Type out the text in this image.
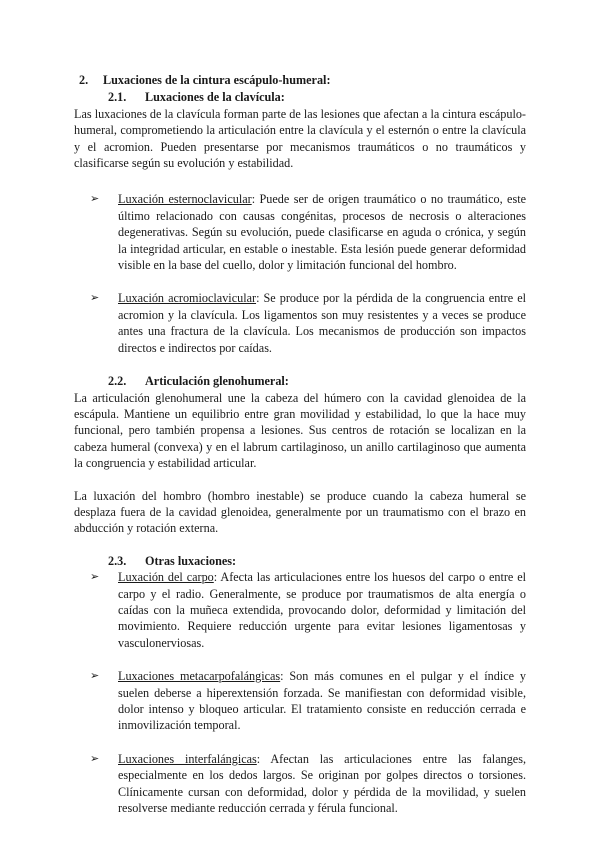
2. Luxaciones de la cintura escápulo-humeral:
2.1. Luxaciones de la clavícula:

Las luxaciones de la clavícula forman parte de las lesiones que afectan a la cintura escápulo-humeral, comprometiendo la articulación entre la clavícula y el esternón o entre la clavícula y el acromion. Pueden presentarse por mecanismos traumáticos o no traumáticos y clasificarse según su evolución y estabilidad.

➢ Luxación esternoclavicular: Puede ser de origen traumático o no traumático, este último relacionado con causas congénitas, procesos de necrosis o alteraciones degenerativas. Según su evolución, puede clasificarse en aguda o crónica, y según la integridad articular, en estable o inestable. Esta lesión puede generar deformidad visible en la base del cuello, dolor y limitación funcional del hombro.
➢ Luxación acromioclavicular: Se produce por la pérdida de la congruencia entre el acromion y la clavícula. Los ligamentos son muy resistentes y a veces se produce antes una fractura de la clavícula. Los mecanismos de producción son impactos directos e indirectos por caídas.
2.2. Articulación glenohumeral:

La articulación glenohumeral une la cabeza del húmero con la cavidad glenoidea de la escápula. Mantiene un equilibrio entre gran movilidad y estabilidad, lo que la hace muy funcional, pero también propensa a lesiones. Sus centros de rotación se localizan en la cabeza humeral (convexa) y en el labrum cartilaginoso, un anillo cartilaginoso que aumenta la congruencia y estabilidad articular.

La luxación del hombro (hombro inestable) se produce cuando la cabeza humeral se desplaza fuera de la cavidad glenoidea, generalmente por un traumatismo con el brazo en abducción y rotación externa.

2.3. Otras luxaciones:
➢ Luxación del carpo: Afecta las articulaciones entre los huesos del carpo o entre el carpo y el radio. Generalmente, se produce por traumatismos de alta energía o caídas con la muñeca extendida, provocando dolor, deformidad y limitación del movimiento. Requiere reducción urgente para evitar lesiones ligamentosas y vasculonerviosas.
➢ Luxaciones metacarpofalángicas: Son más comunes en el pulgar y el índice y suelen deberse a hiperextensión forzada. Se manifiestan con deformidad visible, dolor intenso y bloqueo articular. El tratamiento consiste en reducción cerrada e inmovilización temporal.
➢ Luxaciones interfalángicas: Afectan las articulaciones entre las falanges, especialmente en los dedos largos. Se originan por golpes directos o torsiones. Clínicamente cursan con deformidad, dolor y pérdida de la movilidad, y suelen resolverse mediante reducción cerrada y férula funcional.
